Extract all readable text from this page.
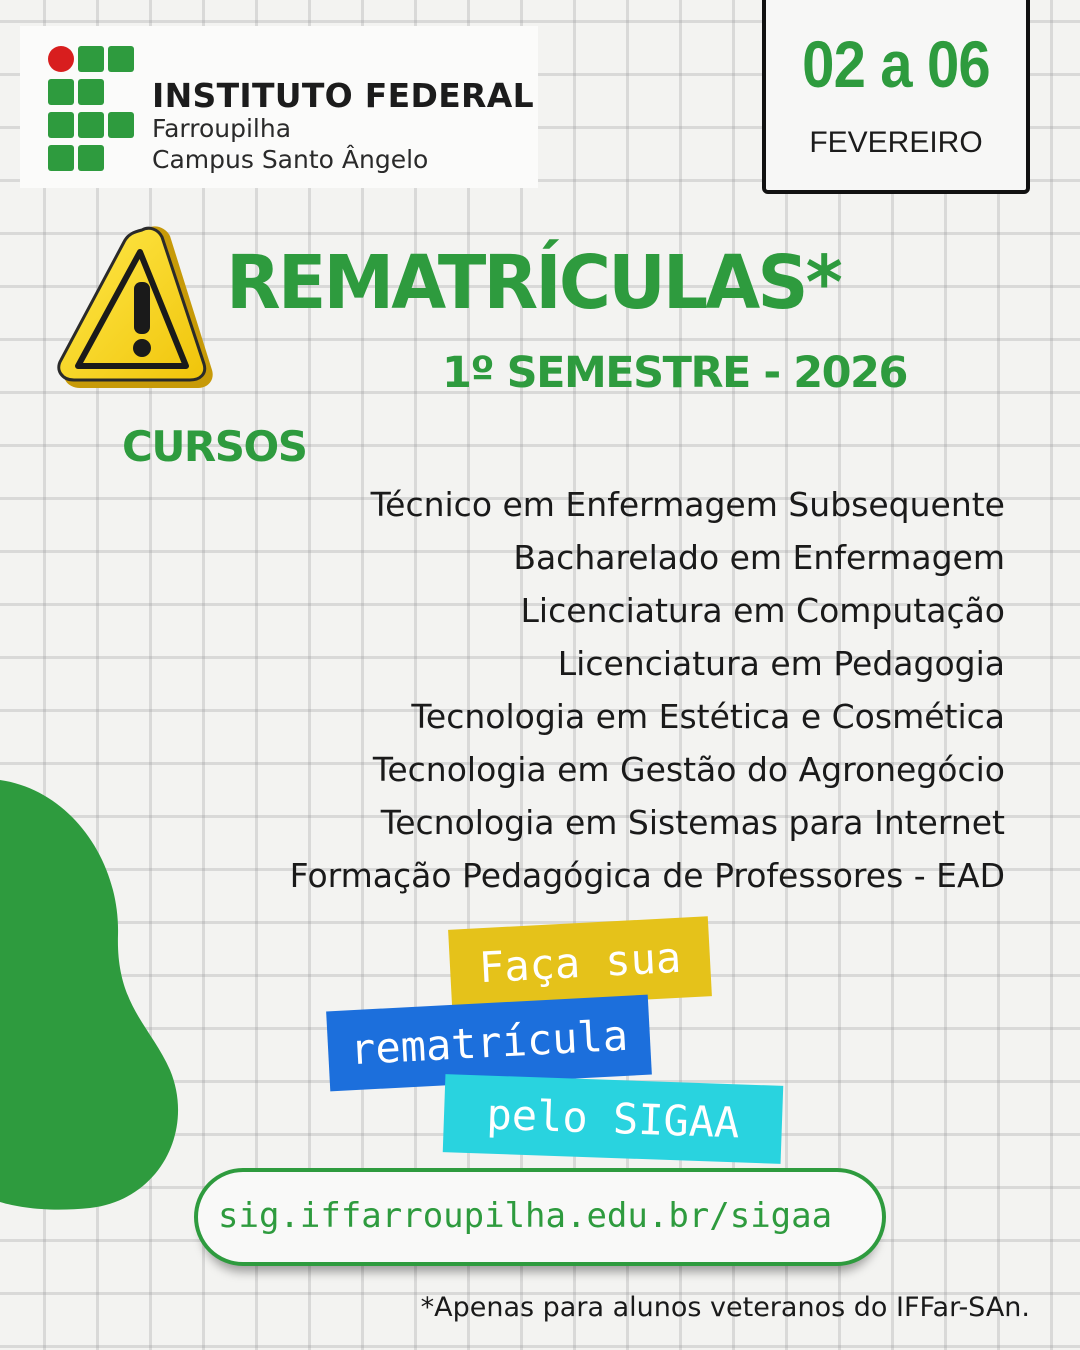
INSTITUTO FEDERAL
Farroupilha
Campus Santo Ângelo
02 a 06
FEVEREIRO
REMATRÍCULAS*
1º SEMESTRE - 2026
CURSOS
Técnico em Enfermagem Subsequente
Bacharelado em Enfermagem
Licenciatura em Computação
Licenciatura em Pedagogia
Tecnologia em Estética e Cosmética
Tecnologia em Gestão do Agronegócio
Tecnologia em Sistemas para Internet
Formação Pedagógica de Professores - EAD
Faça sua
rematrícula
pelo SIGAA
sig.iffarroupilha.edu.br/sigaa
*Apenas para alunos veteranos do IFFar-SAn.
